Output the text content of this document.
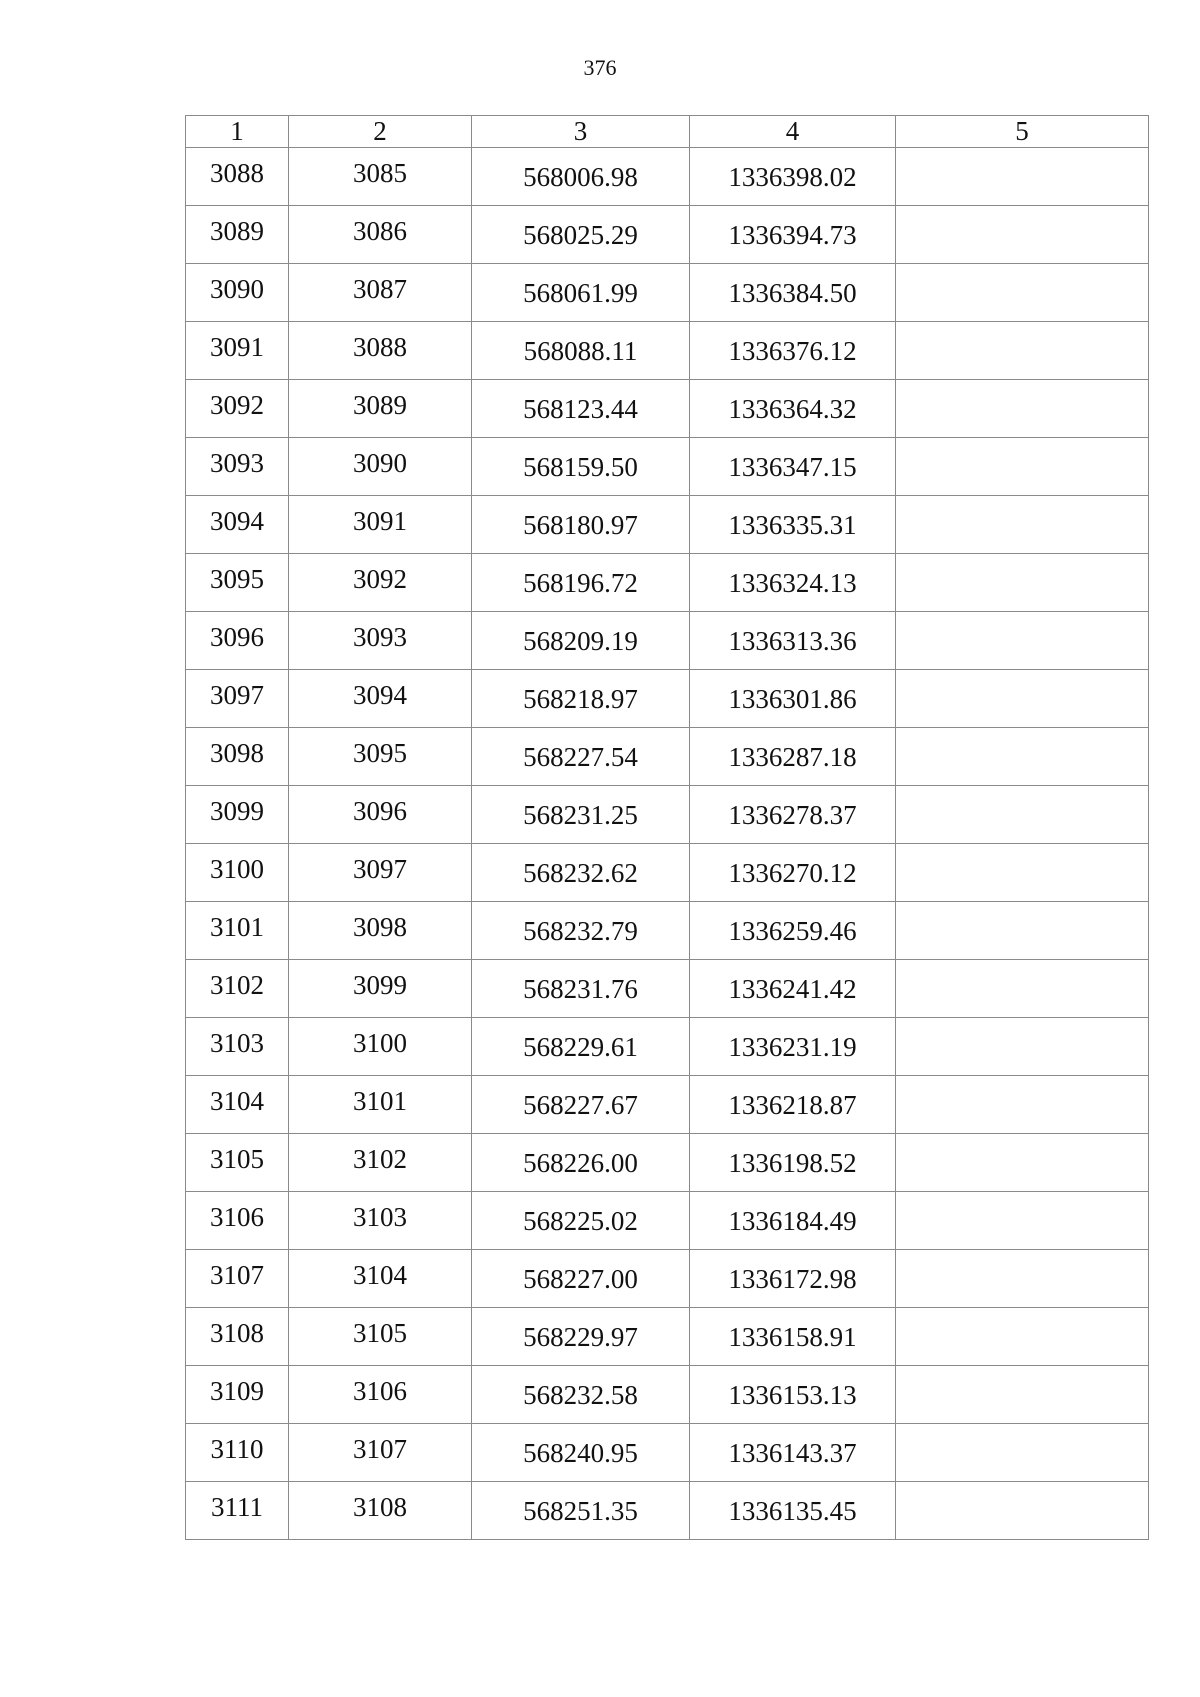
376
1	2	3	4	5

3088	3085	568006.98	1336398.02	

3089	3086	568025.29	1336394.73	

3090	3087	568061.99	1336384.50	

3091	3088	568088.11	1336376.12	

3092	3089	568123.44	1336364.32	

3093	3090	568159.50	1336347.15	

3094	3091	568180.97	1336335.31	

3095	3092	568196.72	1336324.13	

3096	3093	568209.19	1336313.36	

3097	3094	568218.97	1336301.86	

3098	3095	568227.54	1336287.18	

3099	3096	568231.25	1336278.37	

3100	3097	568232.62	1336270.12	

3101	3098	568232.79	1336259.46	

3102	3099	568231.76	1336241.42	

3103	3100	568229.61	1336231.19	

3104	3101	568227.67	1336218.87	

3105	3102	568226.00	1336198.52	

3106	3103	568225.02	1336184.49	

3107	3104	568227.00	1336172.98	

3108	3105	568229.97	1336158.91	

3109	3106	568232.58	1336153.13	

3110	3107	568240.95	1336143.37	

3111	3108	568251.35	1336135.45	
